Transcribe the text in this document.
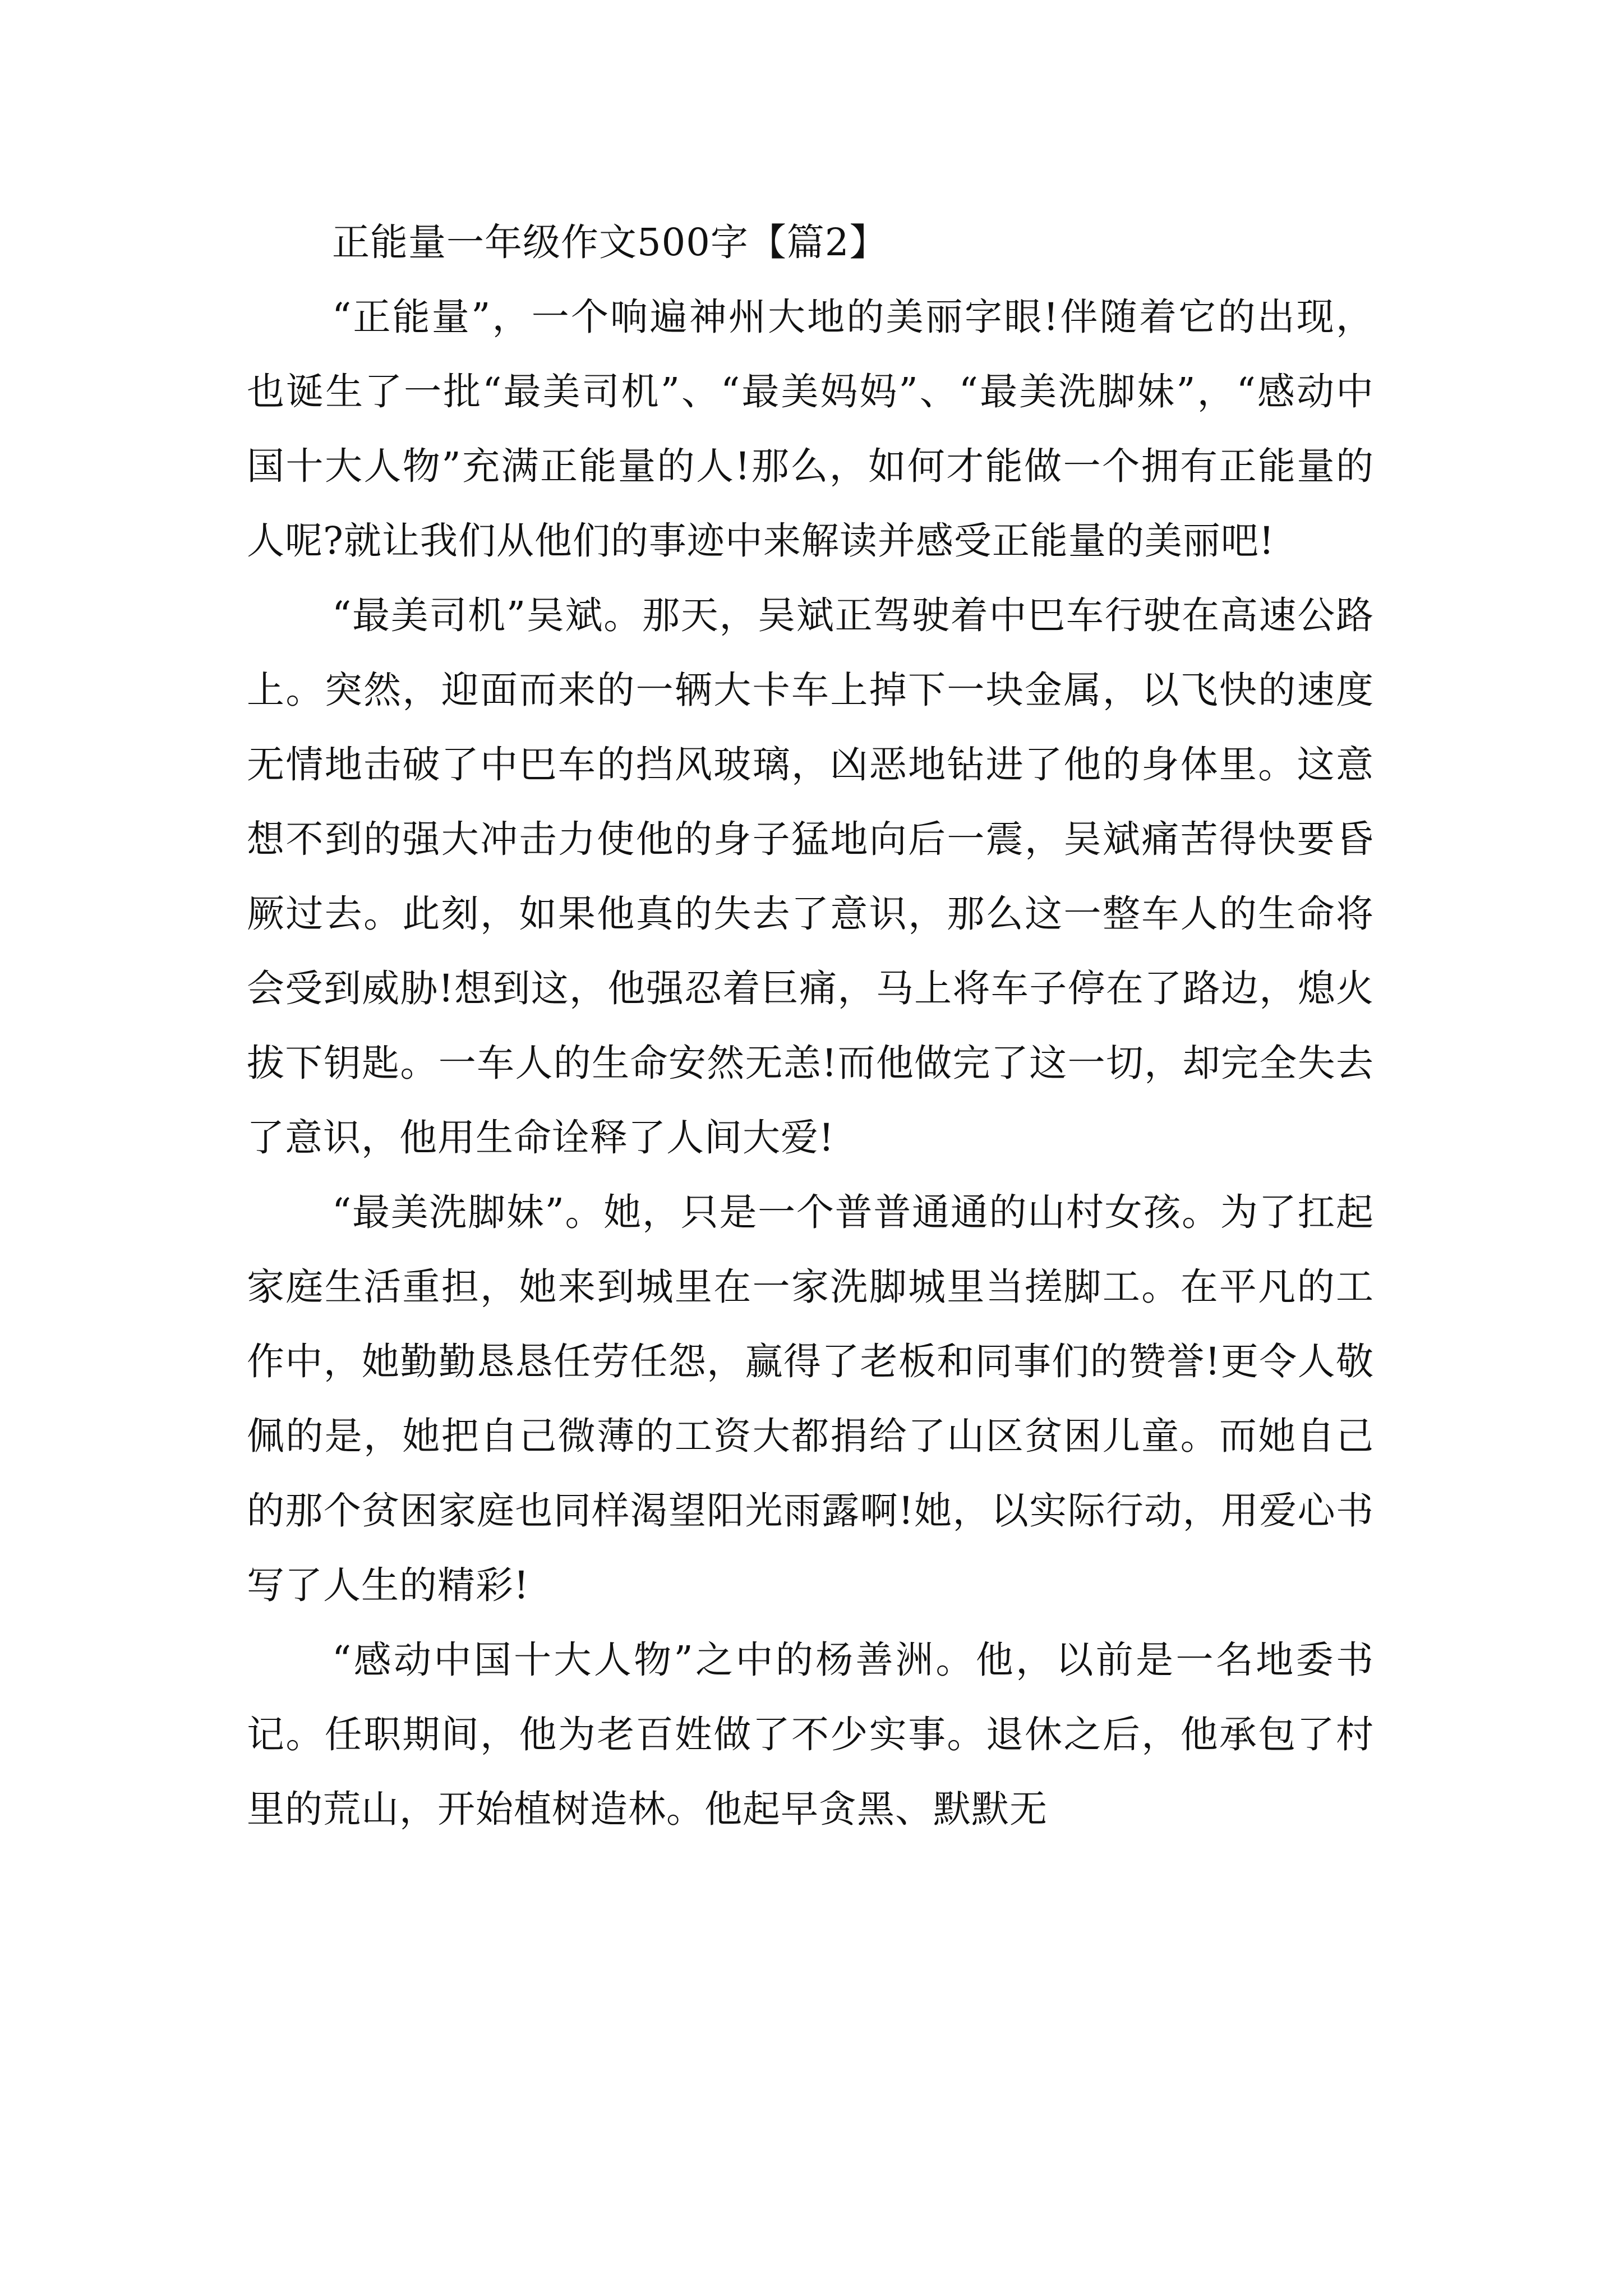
正能量一年级作文500字【篇2】

“正能量”，一个响遍神州大地的美丽字眼!伴随着它的出现，也诞生了一批“最美司机”、“最美妈妈”、“最美洗脚妹”，“感动中国十大人物”充满正能量的人!那么，如何才能做一个拥有正能量的人呢?就让我们从他们的事迹中来解读并感受正能量的美丽吧!

“最美司机”吴斌。那天，吴斌正驾驶着中巴车行驶在高速公路上。突然，迎面而来的一辆大卡车上掉下一块金属，以飞快的速度无情地击破了中巴车的挡风玻璃，凶恶地钻进了他的身体里。这意想不到的强大冲击力使他的身子猛地向后一震，吴斌痛苦得快要昏厥过去。此刻，如果他真的失去了意识，那么这一整车人的生命将会受到威胁!想到这，他强忍着巨痛，马上将车子停在了路边，熄火拔下钥匙。一车人的生命安然无恙!而他做完了这一切，却完全失去了意识，他用生命诠释了人间大爱!

“最美洗脚妹”。她，只是一个普普通通的山村女孩。为了扛起家庭生活重担，她来到城里在一家洗脚城里当搓脚工。在平凡的工作中，她勤勤恳恳任劳任怨，赢得了老板和同事们的赞誉!更令人敬佩的是，她把自己微薄的工资大都捐给了山区贫困儿童。而她自己的那个贫困家庭也同样渴望阳光雨露啊!她，以实际行动，用爱心书写了人生的精彩!

“感动中国十大人物”之中的杨善洲。他，以前是一名地委书记。任职期间，他为老百姓做了不少实事。退休之后，他承包了村里的荒山，开始植树造林。他起早贪黑、默默无
